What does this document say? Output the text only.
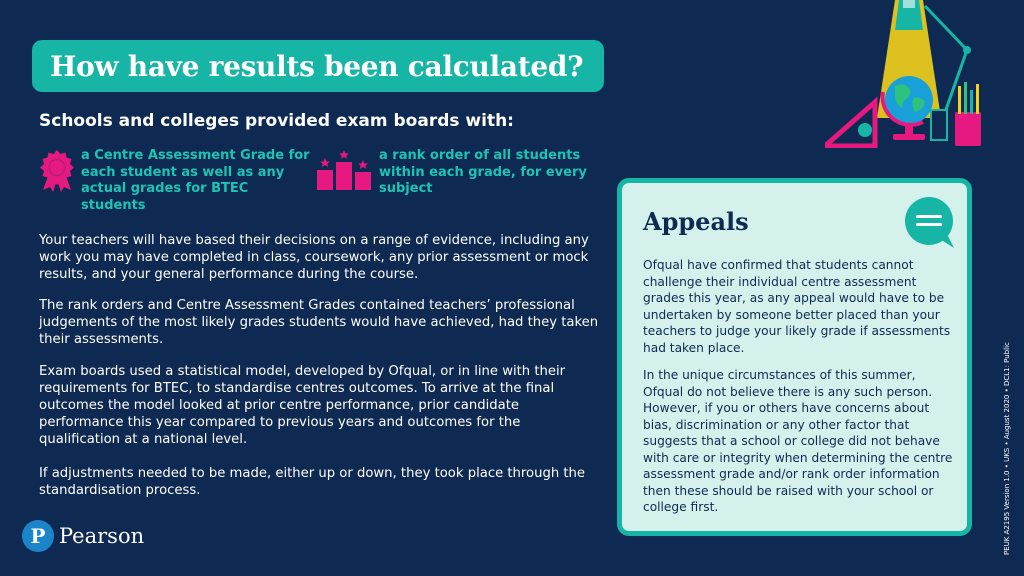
How have results been calculated?

Schools and colleges provided exam boards with:

a Centre Assessment Grade for each student as well as any actual grades for BTEC students

a rank order of all students within each grade, for every subject

Your teachers will have based their decisions on a range of evidence, including any work you may have completed in class, coursework, any prior assessment or mock results, and your general performance during the course.

The rank orders and Centre Assessment Grades contained teachers’ professional judgements of the most likely grades students would have achieved, had they taken their assessments.

Exam boards used a statistical model, developed by Ofqual, or in line with their requirements for BTEC, to standardise centres outcomes. To arrive at the final outcomes the model looked at prior centre performance, prior candidate performance this year compared to previous years and outcomes for the qualification at a national level.

If adjustments needed to be made, either up or down, they took place through the standardisation process.

P Pearson
Appeals

Ofqual have confirmed that students cannot challenge their individual centre assessment grades this year, as any appeal would have to be undertaken by someone better placed than your teachers to judge your likely grade if assessments had taken place.

In the unique circumstances of this summer, Ofqual do not believe there is any such person. However, if you or others have concerns about bias, discrimination or any other factor that suggests that a school or college did not behave with care or integrity when determining the centre assessment grade and/or rank order information then these should be raised with your school or college first.	PEUK A2195 Version 1.0 • UKS • August 2020 • DCL1: Public
